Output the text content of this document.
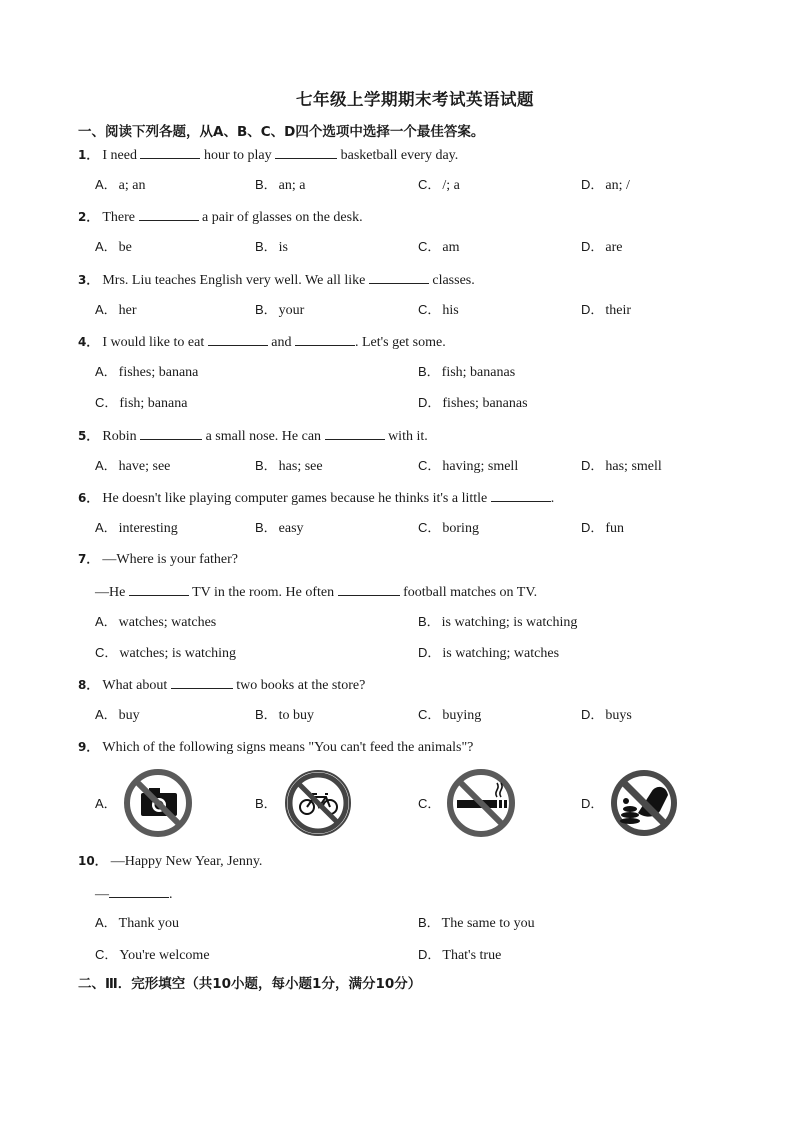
七年级上学期期末考试英语试题
一、阅读下列各题，从A、B、C、D四个选项中选择一个最佳答案。
1． I need	hour to play	basketball every day.
A． a; an	B． an; a	C． /; a	D． an; /
2． There	a pair of glasses on the desk.
A． be	B． is	C． am	D． are
3． Mrs. Liu teaches English very well. We all like	classes.
A． her	B． your	C． his	D． their
4． I would like to eat	and	. Let's get some.
A． fishes; banana	B． fish; bananas
C． fish; banana	D． fishes; bananas
5． Robin	a small nose. He can	with it.
A． have; see	B． has; see	C． having; smell	D． has; smell
6． He doesn't like playing computer games because he thinks it's a little	.
A． interesting	B． easy	C． boring	D． fun
7． —Where is your father?
—He	TV in the room. He often	football matches on TV.
A． watches; watches	B． is watching; is watching
C． watches; is watching	D． is watching; watches
8． What about	two books at the store?
A． buy	B． to buy	C． buying	D． buys
9． Which of the following signs means "You can't feed the animals"?
A．	B．	C．	D．
10． —Happy New Year, Jenny.
—	.
A． Thank you	B． The same to you
C． You're welcome	D． That's true
二、Ⅲ．完形填空（共10小题，每小题1分，满分10分）
